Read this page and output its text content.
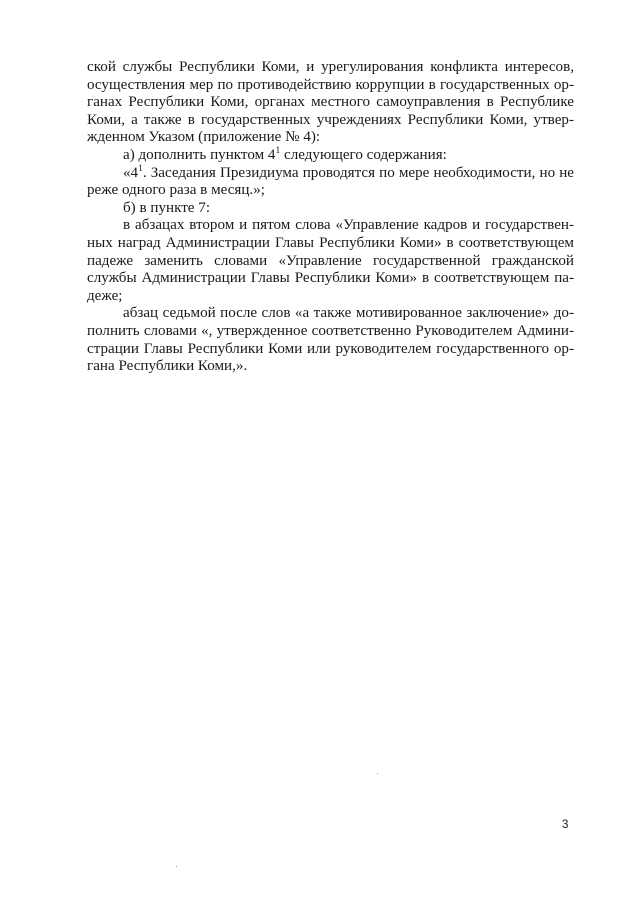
ской службы Республики Коми, и урегулирования конфликта интересов,
осуществления мер по противодействию коррупции в государственных ор-
ганах Республики Коми, органах местного самоуправления в Республике
Коми, а также в государственных учреждениях Республики Коми, утвер-
жденном Указом (приложение № 4):
а) дополнить пунктом $4^1$ следующего содержания:
«$4^1$. Заседания Президиума проводятся по мере необходимости, но не
реже одного раза в месяц.»;
б) в пункте 7:
в абзацах втором и пятом слова «Управление кадров и государствен-
ных наград Администрации Главы Республики Коми» в соответствующем
падеже заменить словами «Управление государственной гражданской
службы Администрации Главы Республики Коми» в соответствующем па-
деже;
абзац седьмой после слов «а также мотивированное заключение» до-
полнить словами «, утвержденное соответственно Руководителем Админи-
страции Главы Республики Коми или руководителем государственного ор-
гана Республики Коми,».
3
